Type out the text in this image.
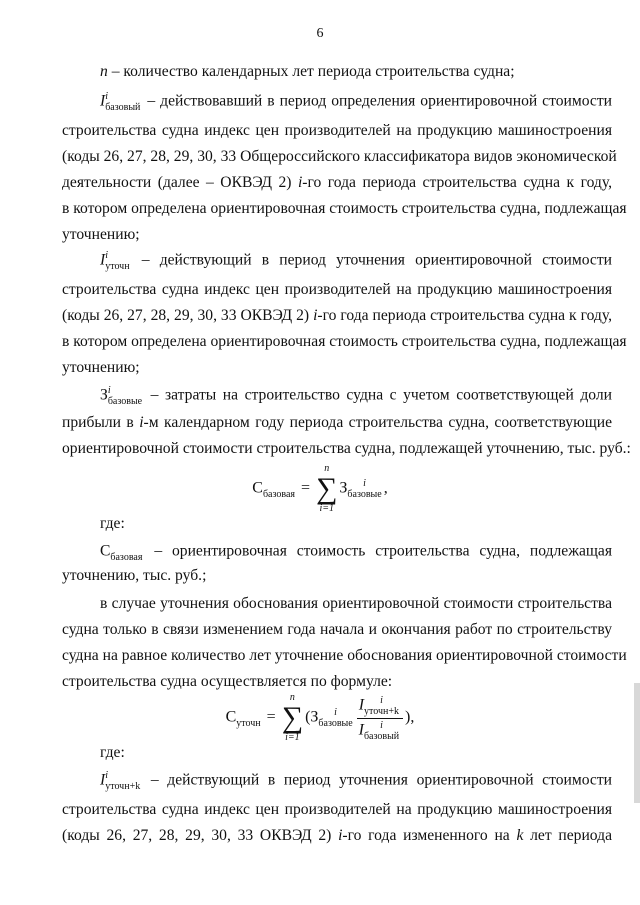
6
n – количество календарных лет периода строительства судна;
I i
базовый – действовавший в период определения ориентировочной стоимости
строительства судна индекс цен производителей на продукцию машиностроения
(коды 26, 27, 28, 29, 30, 33 Общероссийского классификатора видов экономической
деятельности (далее – ОКВЭД 2) i-го года периода строительства судна к году,
в котором определена ориентировочная стоимость строительства судна, подлежащая
уточнению;
I i
уточн – действующий в период уточнения ориентировочной стоимости
строительства судна индекс цен производителей на продукцию машиностроения
(коды 26, 27, 28, 29, 30, 33 ОКВЭД 2) i-го года периода строительства судна к году,
в котором определена ориентировочная стоимость строительства судна, подлежащая
уточнению;
З i
базовые – затраты на строительство судна с учетом соответствующей доли
прибыли в i-м календарном году периода строительства судна, соответствующие
ориентировочной стоимости строительства судна, подлежащей уточнению, тыс. руб.:
С
базовая =
n
∑
i=1
З	i
базовые ,
где:
С
базовая – ориентировочная стоимость строительства судна, подлежащая
уточнению, тыс. руб.;
в случае уточнения обоснования ориентировочной стоимости строительства
судна только в связи изменением года начала и окончания работ по строительству
судна на равное количество лет уточнение обоснования ориентировочной стоимости
строительства судна осуществляется по формуле:
С
уточн =
n
∑
i=1
(З	i
базовые I	i
уточн+k
I	i
базовый ),
где:
I i
уточн+k – действующий в период уточнения ориентировочной стоимости
строительства судна индекс цен производителей на продукцию машиностроения
(коды 26, 27, 28, 29, 30, 33 ОКВЭД 2) i-го года измененного на k лет периода
